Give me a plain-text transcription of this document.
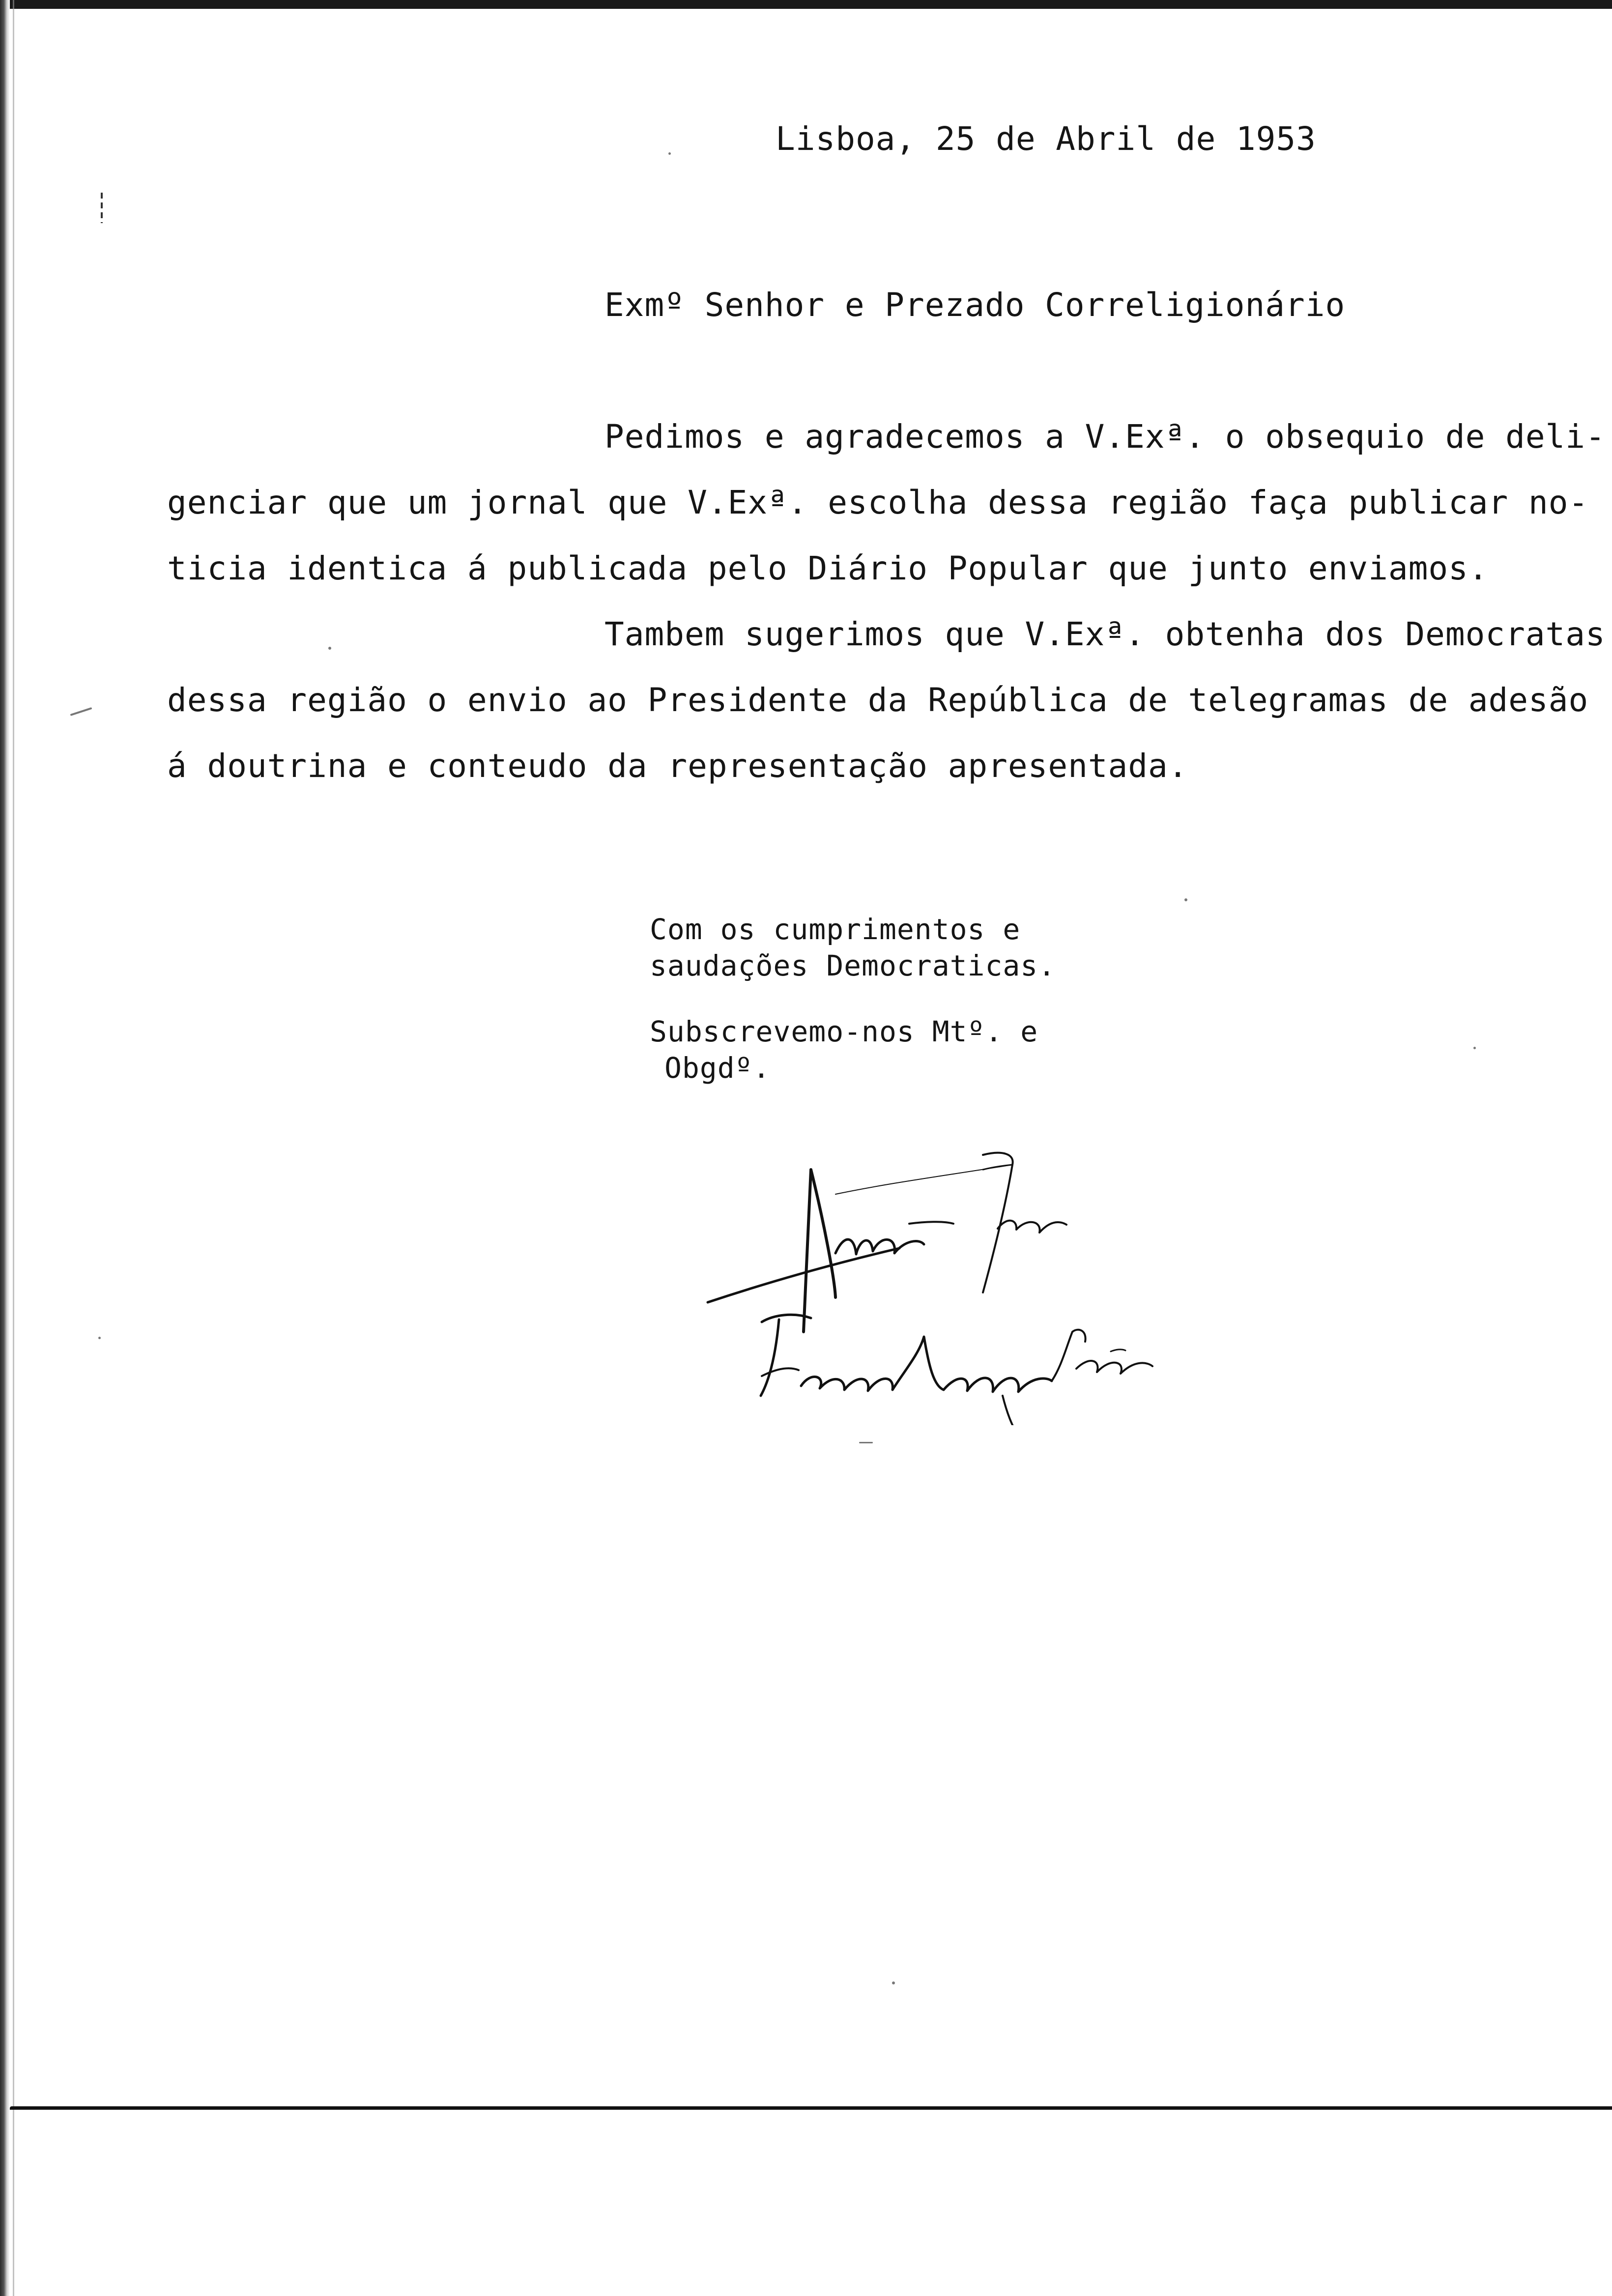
Lisboa, 25 de Abril de 1953
Exmº Senhor e Prezado Correligionário
Pedimos e agradecemos a V.Exª. o obsequio de deli-
genciar que um jornal que V.Exª. escolha dessa região faça publicar no-
ticia identica á publicada pelo Diário Popular que junto enviamos.
Tambem sugerimos que V.Exª. obtenha dos Democratas
dessa região o envio ao Presidente da República de telegramas de adesão
á doutrina e conteudo da representação apresentada.
Com os cumprimentos e
saudações Democraticas.
Subscrevemo-nos Mtº. e
Obgdº.
